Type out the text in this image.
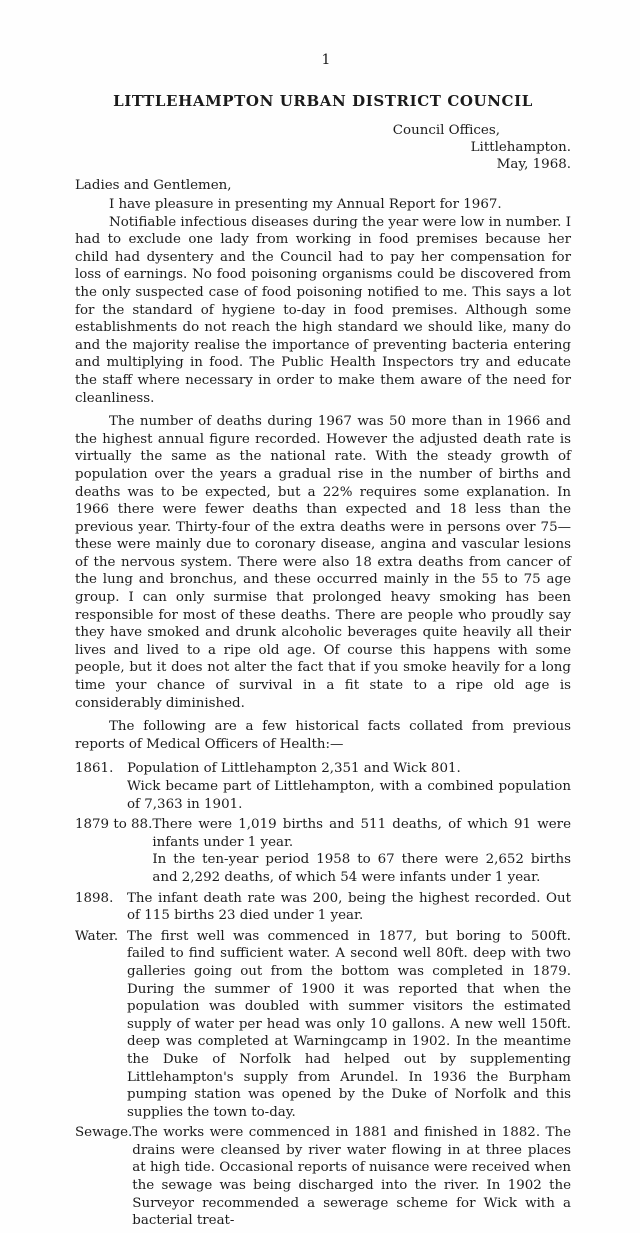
1
LITTLEHAMPTON URBAN DISTRICT COUNCIL
Council Offices,
Littlehampton.
May, 1968.
Ladies and Gentlemen,

I have pleasure in presenting my Annual Report for 1967.

Notifiable infectious diseases during the year were low in number. I had to exclude one lady from working in food premises because her child had dysentery and the Council had to pay her compensation for loss of earnings. No food poisoning organisms could be discovered from the only suspected case of food poisoning notified to me. This says a lot for the standard of hygiene to-day in food premises. Although some establishments do not reach the high standard we should like, many do and the majority realise the importance of preventing bacteria entering and multiplying in food. The Public Health Inspectors try and educate the staff where necessary in order to make them aware of the need for cleanliness.

The number of deaths during 1967 was 50 more than in 1966 and the highest annual figure recorded. However the adjusted death rate is virtually the same as the national rate. With the steady growth of population over the years a gradual rise in the number of births and deaths was to be expected, but a 22% requires some explanation. In 1966 there were fewer deaths than expected and 18 less than the previous year. Thirty-four of the extra deaths were in persons over 75—these were mainly due to coronary disease, angina and vascular lesions of the nervous system. There were also 18 extra deaths from cancer of the lung and bronchus, and these occurred mainly in the 55 to 75 age group. I can only surmise that prolonged heavy smoking has been responsible for most of these deaths. There are people who proudly say they have smoked and drunk alcoholic beverages quite heavily all their lives and lived to a ripe old age. Of course this happens with some people, but it does not alter the fact that if you smoke heavily for a long time your chance of survival in a fit state to a ripe old age is considerably diminished.

The following are a few historical facts collated from previous reports of Medical Officers of Health:—

1861.	Population of Littlehampton 2,351 and Wick 801.
Wick became part of Littlehampton, with a combined population of 7,363 in 1901.
1879 to 88. There were 1,019 births and 511 deaths, of which 91 were infants under 1 year.
In the ten-year period 1958 to 67 there were 2,652 births and 2,292 deaths, of which 54 were infants under 1 year.
1898.	The infant death rate was 200, being the highest recorded. Out of 115 births 23 died under 1 year.
Water. The first well was commenced in 1877, but boring to 500ft. failed to find sufficient water. A second well 80ft. deep with two galleries going out from the bottom was completed in 1879. During the summer of 1900 it was reported that when the population was doubled with summer visitors the estimated supply of water per head was only 10 gallons. A new well 150ft. deep was completed at Warningcamp in 1902. In the meantime the Duke of Norfolk had helped out by supplementing Littlehampton's supply from Arundel. In 1936 the Burpham pumping station was opened by the Duke of Norfolk and this supplies the town to-day.
Sewage. The works were commenced in 1881 and finished in 1882. The drains were cleansed by river water flowing in at three places at high tide. Occasional reports of nuisance were received when the sewage was being discharged into the river. In 1902 the Surveyor recommended a sewerage scheme for Wick with a bacterial treat-
